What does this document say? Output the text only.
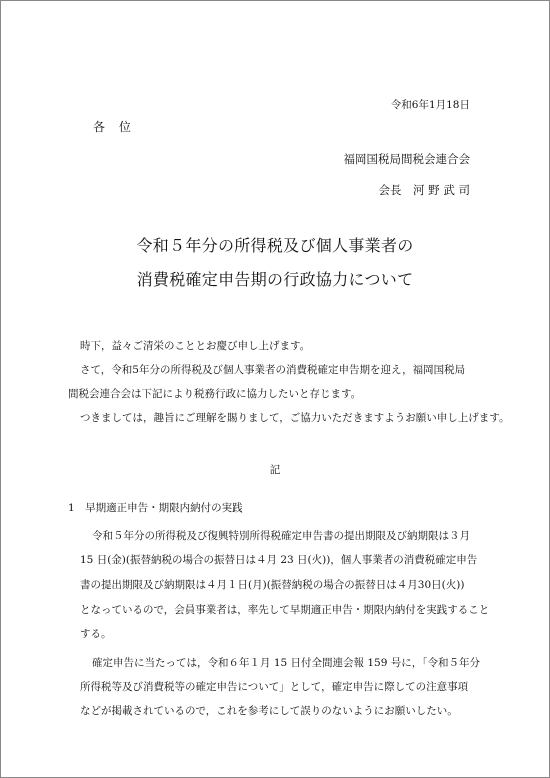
令和6年1月18日
各 位
福岡国税局間税会連合会
会長　河 野 武 司
令和５年分の所得税及び個人事業者の
消費税確定申告期の行政協力について
時下，益々ご清栄のこととお慶び申し上げます。
さて，令和5年分の所得税及び個人事業者の消費税確定申告期を迎え，福岡国税局
間税会連合会は下記により税務行政に協力したいと存じます。
つきましては，趣旨にご理解を賜りまして，ご協力いただきますようお願い申し上げます。
記
1　早期適正申告・期限内納付の実践
令和５年分の所得税及び復興特別所得税確定申告書の提出期限及び納期限は３月
15 日(金)(振替納税の場合の振替日は４月 23 日(火))，個人事業者の消費税確定申告
書の提出期限及び納期限は４月１日(月)(振替納税の場合の振替日は４月30日(火))
となっているので，会員事業者は，率先して早期適正申告・期限内納付を実践すること
する。
確定申告に当たっては，令和６年１月 15 日付全間連会報 159 号に，「令和５年分
所得税等及び消費税等の確定申告について」として，確定申告に際しての注意事項
などが掲載されているので，これを参考にして誤りのないようにお願いしたい。
